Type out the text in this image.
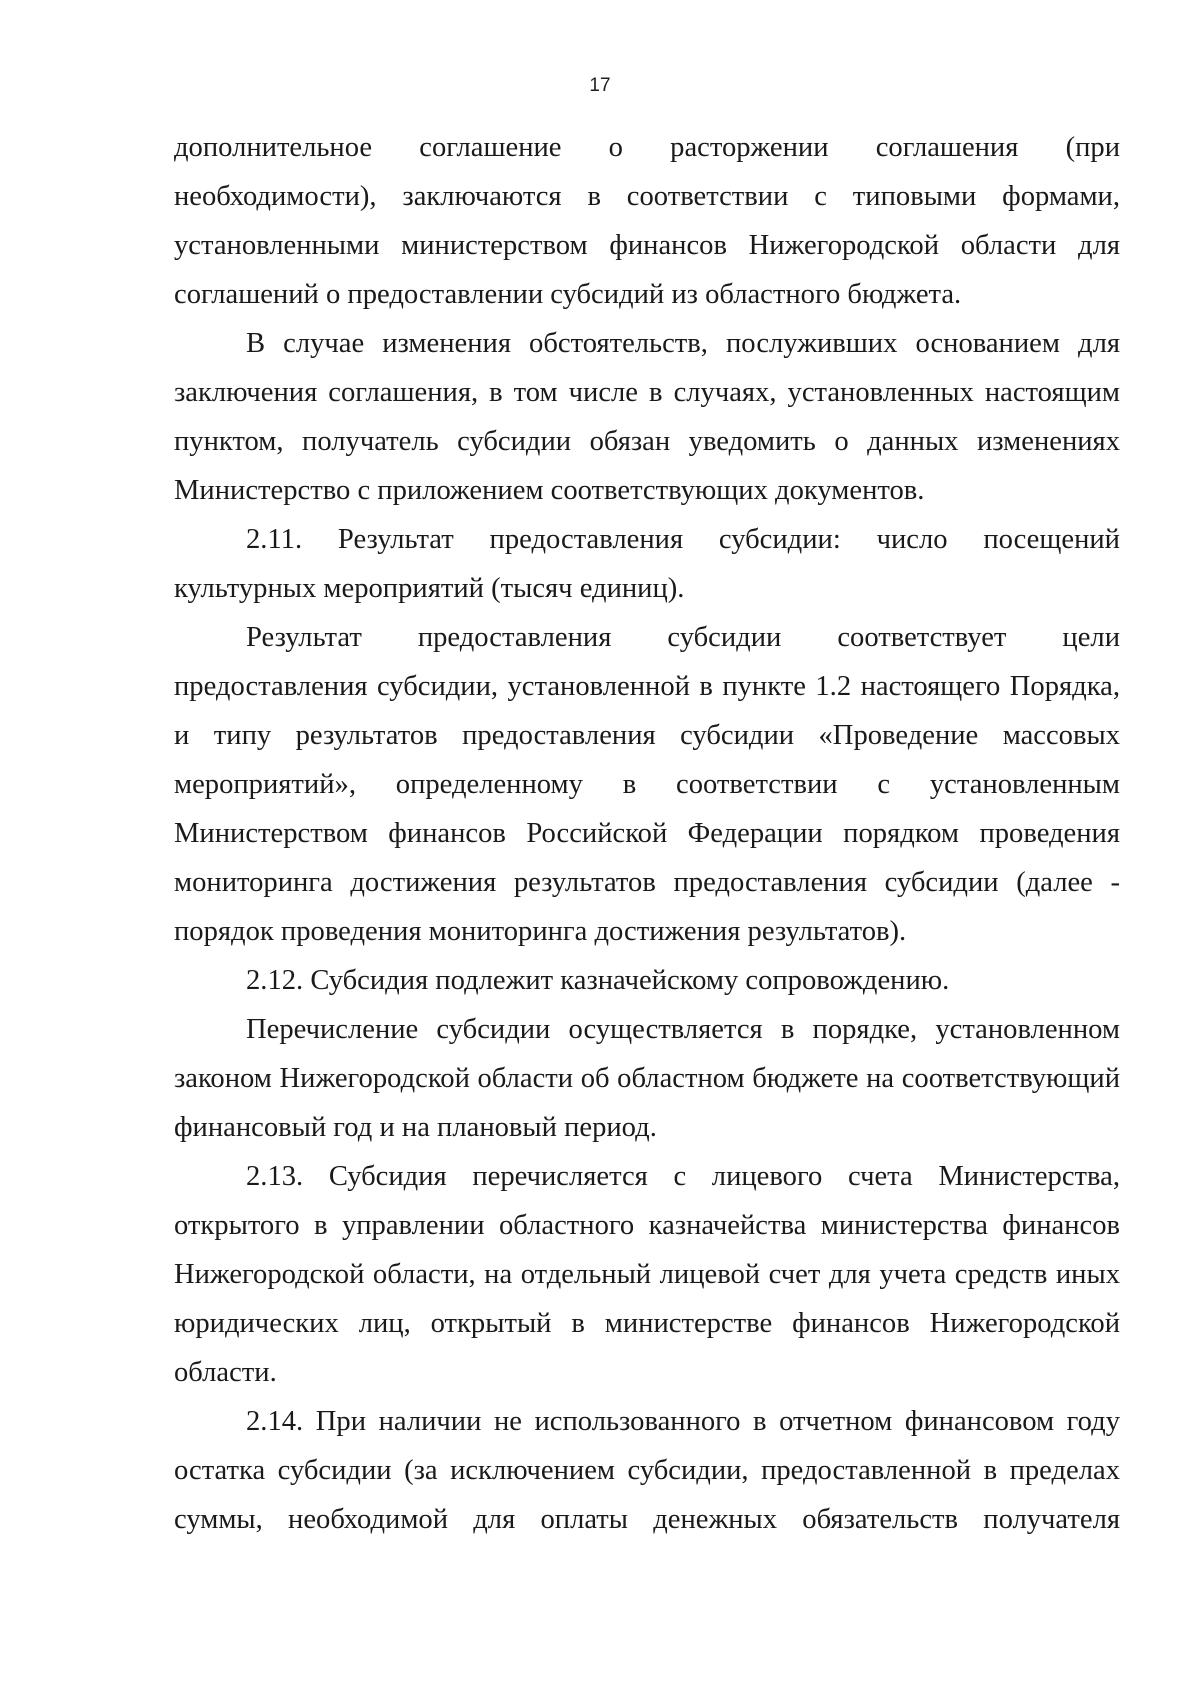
17

дополнительное соглашение о расторжении соглашения (при необходимости), заключаются в соответствии с типовыми формами, установленными министерством финансов Нижегородской области для соглашений о предоставлении субсидий из областного бюджета.

В случае изменения обстоятельств, послуживших основанием для заключения соглашения, в том числе в случаях, установленных настоящим пунктом, получатель субсидии обязан уведомить о данных изменениях Министерство с приложением соответствующих документов.

2.11. Результат предоставления субсидии: число посещений культурных мероприятий (тысяч единиц).

Результат предоставления субсидии соответствует цели предоставления субсидии, установленной в пункте 1.2 настоящего Порядка, и типу результатов предоставления субсидии «Проведение массовых мероприятий», определенному в соответствии с установленным Министерством финансов Российской Федерации порядком проведения мониторинга достижения результатов предоставления субсидии (далее - порядок проведения мониторинга достижения результатов).

2.12. Субсидия подлежит казначейскому сопровождению.

Перечисление субсидии осуществляется в порядке, установленном законом Нижегородской области об областном бюджете на соответствующий финансовый год и на плановый период.

2.13. Субсидия перечисляется с лицевого счета Министерства, открытого в управлении областного казначейства министерства финансов Нижегородской области, на отдельный лицевой счет для учета средств иных юридических лиц, открытый в министерстве финансов Нижегородской области.

2.14. При наличии не использованного в отчетном финансовом году остатка субсидии (за исключением субсидии, предоставленной в пределах суммы, необходимой для оплаты денежных обязательств получателя
